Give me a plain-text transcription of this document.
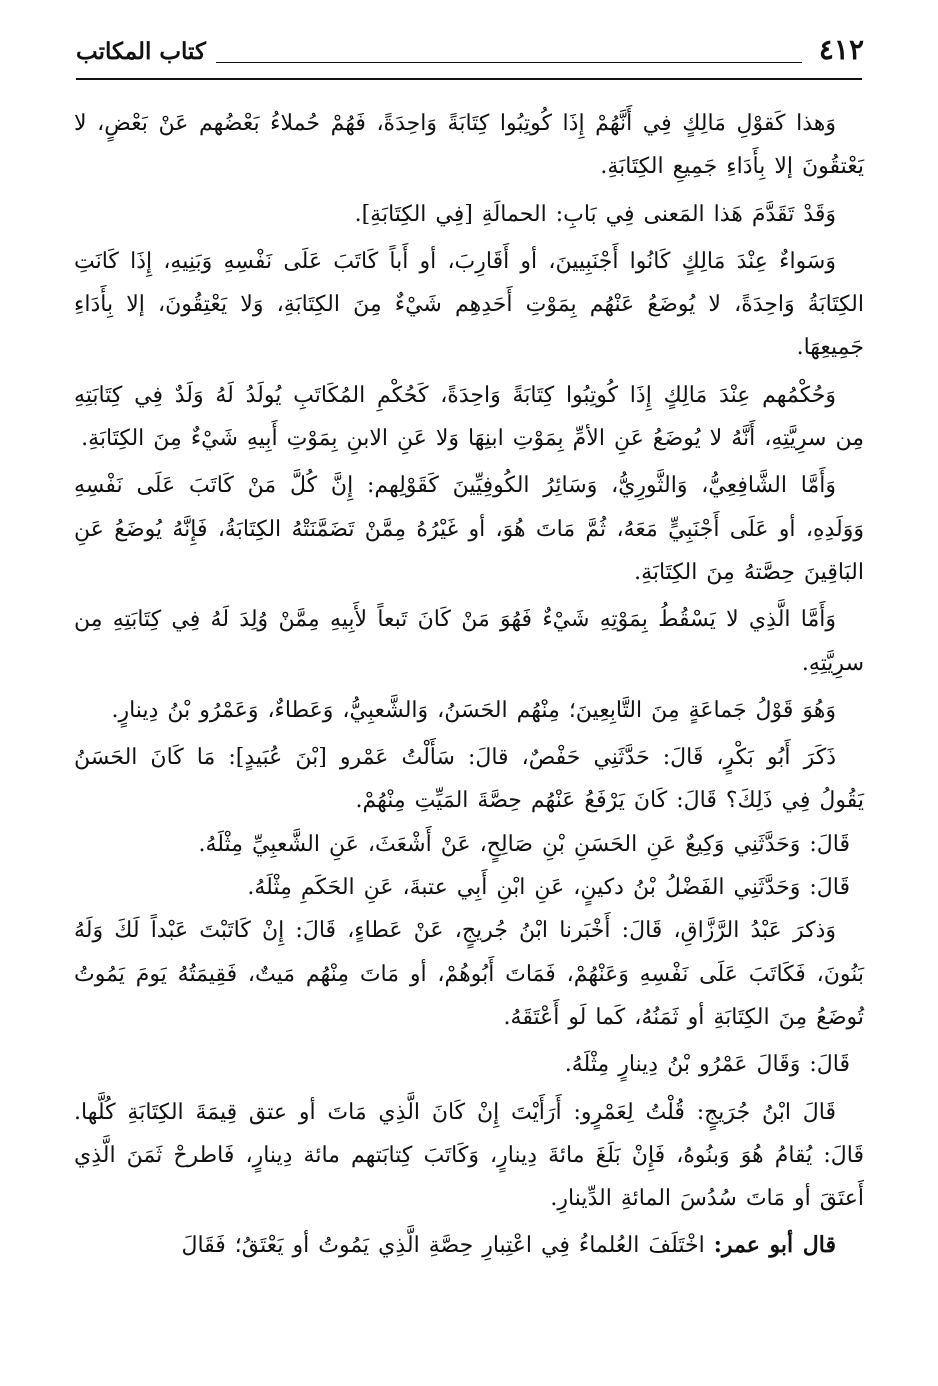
٤١٢
كتاب المكاتب

وَهذا كَقوْلِ مَالِكٍ فِي أَنَّهُمْ إِذَا كُوتِبُوا كِتَابَةً وَاحِدَةً، فَهُمْ حُملاءُ بَعْضُهم عَنْ بَعْضٍ، لا يَعْتقُونَ إلا بِأَدَاءِ جَمِيعِ الكِتَابَةِ.

وَقَدْ تَقَدَّمَ هَذا المَعنى فِي بَابِ: الحمالَةِ [فِي الكِتَابَةِ].

وَسَواءٌ عِنْدَ مَالِكٍ كَانُوا أَجْنَبِيينَ، أو أَقَارِبَ، أو أَباً كَاتَبَ عَلَى نَفْسِهِ وَبَنِيهِ، إِذَا كَانَتِ الكِتَابَةُ وَاحِدَةً، لا يُوضَعُ عَنْهُم بِمَوْتِ أَحَدِهِم شَيْءٌ مِنَ الكِتَابَةِ، وَلا يَعْتِقُونَ، إلا بِأَدَاءِ جَمِيعِهَا.

وَحُكْمُهم عِنْدَ مَالِكٍ إِذَا كُوتِبُوا كِتَابَةً وَاحِدَةً، كَحُكْمِ المُكَاتَبِ يُولَدُ لَهُ وَلَدٌ فِي كِتَابَتِهِ مِن سرِيَّتِهِ، أَنَّهُ لا يُوضَعُ عَنِ الأمِّ بِمَوْتِ ابنِهَا وَلا عَنِ الابنِ بِمَوْتِ أَبِيهِ شَيْءٌ مِنَ الكِتَابَةِ.

وَأَمَّا الشَّافِعِيُّ، وَالثَّورِيُّ، وَسَائِرُ الكُوفِيِّينَ كَقَوْلِهم: إِنَّ كُلَّ مَنْ كَاتَبَ عَلَى نَفْسِهِ وَوَلَدِهِ، أو عَلَى أَجْنَبِيٍّ مَعَهُ، ثُمَّ مَاتَ هُوَ، أو غَيْرُهُ مِمَّنْ تَضَمَّنَتْهُ الكِتَابَةُ، فَإِنَّهُ يُوضَعُ عَنِ البَاقِينَ حِصَّتهُ مِنَ الكِتَابَةِ.

وَأَمَّا الَّذِي لا يَسْقُطُ بِمَوْتِهِ شَيْءٌ فَهُوَ مَنْ كَانَ تَبعاً لأَبِيهِ مِمَّنْ وُلِدَ لَهُ فِي كِتَابَتِهِ مِن سرِيَّتِهِ.

وَهُوَ قَوْلُ جَماعَةٍ مِنَ التَّابِعِينَ؛ مِنْهُم الحَسَنُ، وَالشَّعبِيُّ، وَعَطاءٌ، وَعَمْرُو بْنُ دِينارٍ.

ذَكَرَ أَبُو بَكْرٍ، قَالَ: حَدَّثَنِي حَفْصٌ، قالَ: سَأَلْتُ عَمْرو [بْنَ عُبَيدٍ]: مَا كَانَ الحَسَنُ يَقُولُ فِي ذَلِكَ؟ قَالَ: كَانَ يَرْفَعُ عَنْهُم حِصَّةَ المَيِّتِ مِنْهُمْ.

قَالَ: وَحَدَّثَنِي وَكِيعٌ عَنِ الحَسَنِ بْنِ صَالِحٍ، عَنْ أَشْعَثَ، عَنِ الشَّعبِيِّ مِثْلَهُ.

قَالَ: وَحَدَّثَنِي الفَضْلُ بْنُ دكينٍ، عَنِ ابْنِ أَبِي عتبةَ، عَنِ الحَكَمِ مِثْلَهُ.

وَذكرَ عَبْدُ الرَّزَّاقِ، قَالَ: أَخْبَرنا ابْنُ جُريجٍ، عَنْ عَطاءٍ، قَالَ: إِنْ كَاتَبْتَ عَبْداً لَكَ وَلَهُ بَنُونَ، فَكَاتَبَ عَلَى نَفْسِهِ وَعَنْهُمْ، فَمَاتَ أَبُوهُمْ، أو مَاتَ مِنْهُم مَيتٌ، فَقِيمَتُهُ يَومَ يَمُوتُ تُوضَعُ مِنَ الكِتَابَةِ أو ثَمَنُهُ، كَما لَو أَعْتَقَهُ.

قَالَ: وَقَالَ عَمْرُو بْنُ دِينارٍ مِثْلَهُ.

قَالَ ابْنُ جُرَيجٍ: قُلْتُ لِعَمْرٍو: أَرَأَيْتَ إِنْ كَانَ الَّذِي مَاتَ أو عتق قِيمَةَ الكِتَابَةِ كُلَّها. قَالَ: يُقامُ هُوَ وَبنُوهُ، فَإِنْ بَلَغَ مائةَ دِينارٍ، وَكَاتَبَ كِتابَتهم مائة دِينارٍ، فَاطرحْ ثَمَنَ الَّذِي أَعتَقَ أو مَاتَ سُدُسَ المائةِ الدِّينارِ.

قال أبو عمر: اخْتَلَفَ العُلماءُ فِي اعْتِبارِ حِصَّةِ الَّذِي يَمُوتُ أو يَعْتَقُ؛ فَقَالَ
